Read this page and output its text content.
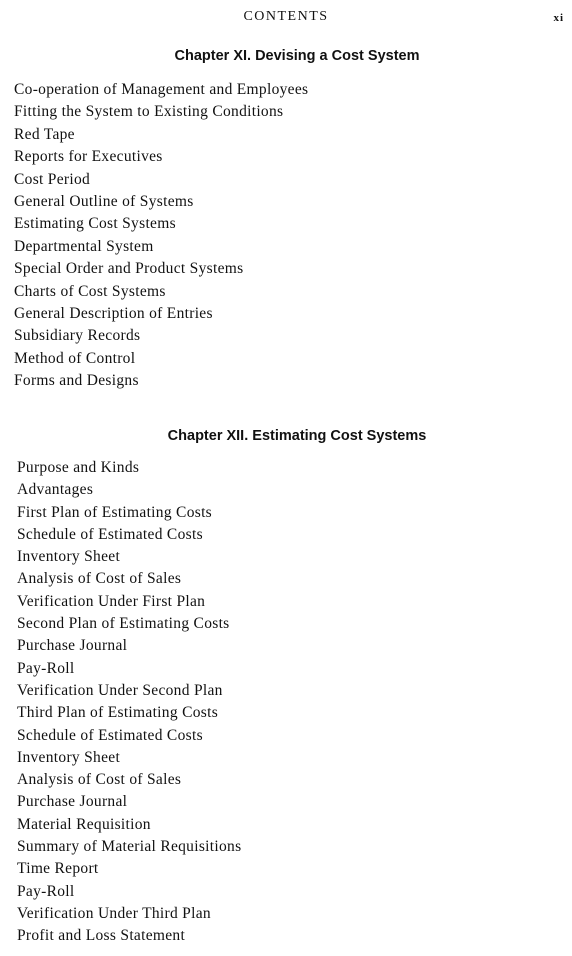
CONTENTS	xi
Chapter XI. Devising a Cost System
Co-operation of Management and Employees
Fitting the System to Existing Conditions
Red Tape
Reports for Executives
Cost Period
General Outline of Systems
Estimating Cost Systems
Departmental System
Special Order and Product Systems
Charts of Cost Systems
General Description of Entries
Subsidiary Records
Method of Control
Forms and Designs
Chapter XII. Estimating Cost Systems
Purpose and Kinds
Advantages
First Plan of Estimating Costs
Schedule of Estimated Costs
Inventory Sheet
Analysis of Cost of Sales
Verification Under First Plan
Second Plan of Estimating Costs
Purchase Journal
Pay-Roll
Verification Under Second Plan
Third Plan of Estimating Costs
Schedule of Estimated Costs
Inventory Sheet
Analysis of Cost of Sales
Purchase Journal
Material Requisition
Summary of Material Requisitions
Time Report
Pay-Roll
Verification Under Third Plan
Profit and Loss Statement
